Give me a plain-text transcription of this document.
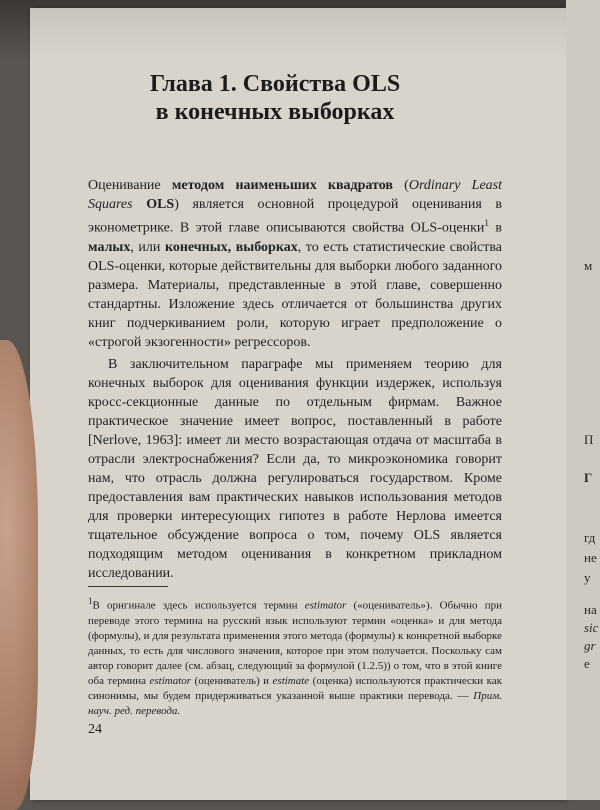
м
П
Г
гд
не
у
на
sic
gr
е
Глава 1. Свойства OLS
в конечных выборках

Оценивание методом наименьших квадратов (Ordinary Least Squares OLS) является основной процедурой оценивания в эконометрике. В этой главе описываются свойства OLS-оценки$^1$ в малых, или конечных, выборках, то есть статистические свойства OLS-оценки, которые действительны для выборки любого заданного размера. Материалы, представленные в этой главе, совершенно стандартны. Изложение здесь отличается от большинства других книг подчеркиванием роли, которую играет предположение о «строгой экзогенности» регрессоров.

В заключительном параграфе мы применяем теорию для конечных выборок для оценивания функции издержек, используя кросс-секционные данные по отдельным фирмам. Важное практическое значение имеет вопрос, поставленный в работе [Nerlove, 1963]: имеет ли место возрастающая отдача от масштаба в отрасли электроснабжения? Если да, то микроэкономика говорит нам, что отрасль должна регулироваться государством. Кроме предоставления вам практических навыков использования методов для проверки интересующих гипотез в работе Нерлова имеется тщательное обсуждение вопроса о том, почему OLS является подходящим методом оценивания в конкретном прикладном исследовании.

$^1$В оригинале здесь используется термин estimator («оцениватель»). Обычно при переводе этого термина на русский язык используют термин «оценка» и для метода (формулы), и для результата применения этого метода (формулы) к конкретной выборке данных, то есть для числового значения, которое при этом получается. Поскольку сам автор говорит далее (см. абзац, следующий за формулой (1.2.5)) о том, что в этой книге оба термина estimator (оцениватель) и estimate (оценка) используются практически как синонимы, мы будем придерживаться указанной выше практики перевода. — Прим. науч. ред. перевода.
24
